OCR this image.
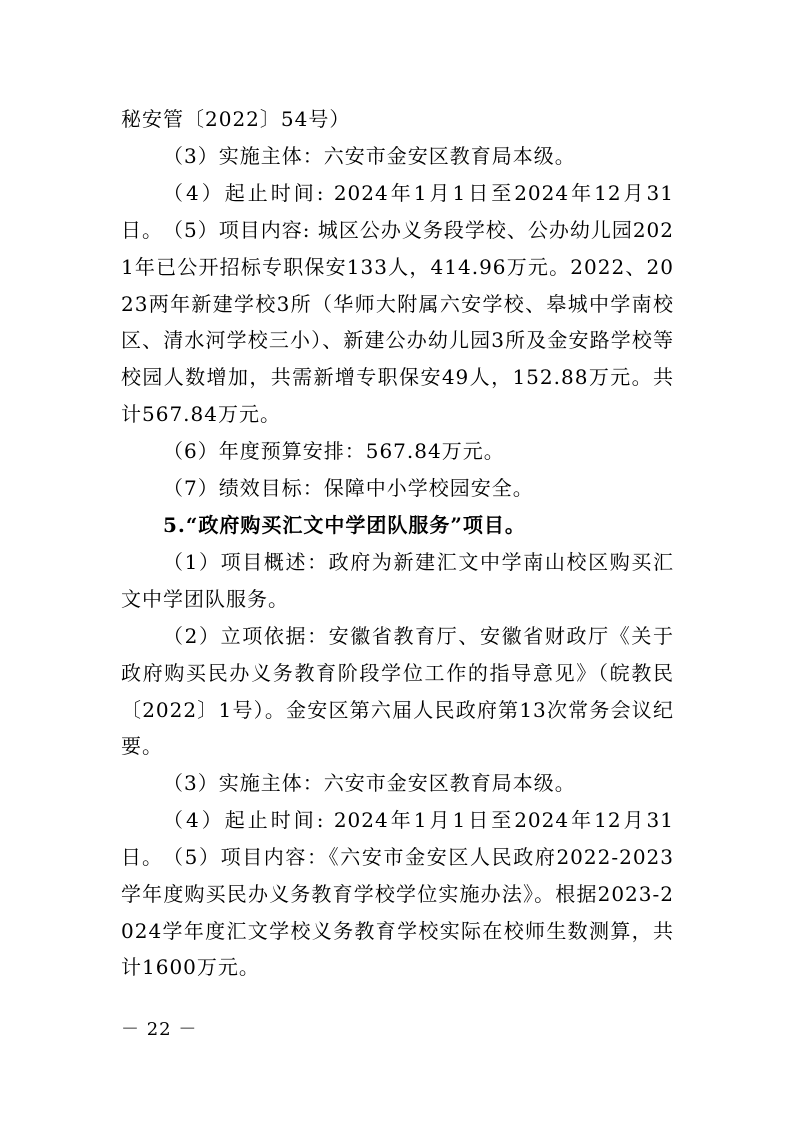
秘安管〔2022〕54号）

（3）实施主体：六安市金安区教育局本级。

（4）起止时间: 2024年1月1日至2024年12月31日。 （5）项目内容: 城区公办义务段学校、公办幼儿园2021年已公开招标专职保安133人，414.96万元。2022、2023两年新建学校3所（华师大附属六安学校、皋城中学南校区、清水河学校三小）、新建公办幼儿园3所及金安路学校等校园人数增加，共需新增专职保安49人，152.88万元。共计567.84万元。

（6）年度预算安排：567.84万元。

（7）绩效目标：保障中小学校园安全。

5.“政府购买汇文中学团队服务”项目。

（1）项目概述：政府为新建汇文中学南山校区购买汇文中学团队服务。

（2）立项依据：安徽省教育厅、安徽省财政厅《关于政府购买民办义务教育阶段学位工作的指导意见》（皖教民〔2022〕1号）。金安区第六届人民政府第13次常务会议纪要。

（3）实施主体：六安市金安区教育局本级。

（4）起止时间: 2024年1月1日至2024年12月31日。 （5）项目内容：《六安市金安区人民政府2022-2023学年度购买民办义务教育学校学位实施办法》。根据2023-2024学年度汇文学校义务教育学校实际在校师生数测算，共计1600万元。

－ 22 －
